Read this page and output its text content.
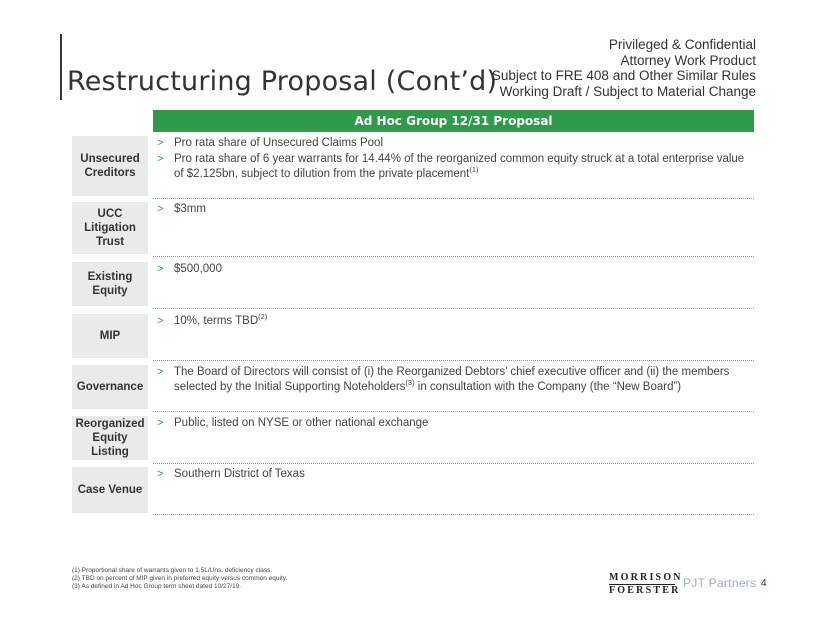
Restructuring Proposal (Cont’d)
Privileged & Confidential
Attorney Work Product
Subject to FRE 408 and Other Similar Rules
Working Draft / Subject to Material Change
Ad Hoc Group 12/31 Proposal
Unsecured Creditors
> Pro rata share of Unsecured Claims Pool
> Pro rata share of 6 year warrants for 14.44% of the reorganized common equity struck at a total enterprise value of $2.125bn, subject to dilution from the private placement$^{(1)}$
UCC Litigation Trust
> $3mm
Existing Equity
> $500,000
MIP
> 10%, terms TBD$^{(2)}$
Governance
> The Board of Directors will consist of (i) the Reorganized Debtors’ chief executive officer and (ii) the members selected by the Initial Supporting Noteholders$^{(3)}$ in consultation with the Company (the “New Board”)
Reorganized Equity Listing
> Public, listed on NYSE or other national exchange
Case Venue
> Southern District of Texas
(1) Proportional share of warrants given to 1.5L/Uns. deficiency class.
(2) TBD on percent of MIP given in preferred equity versus common equity.
(3) As defined in Ad Hoc Group term sheet dated 10/27/19.
MORRISON
FOERSTER
PJT Partners 4
